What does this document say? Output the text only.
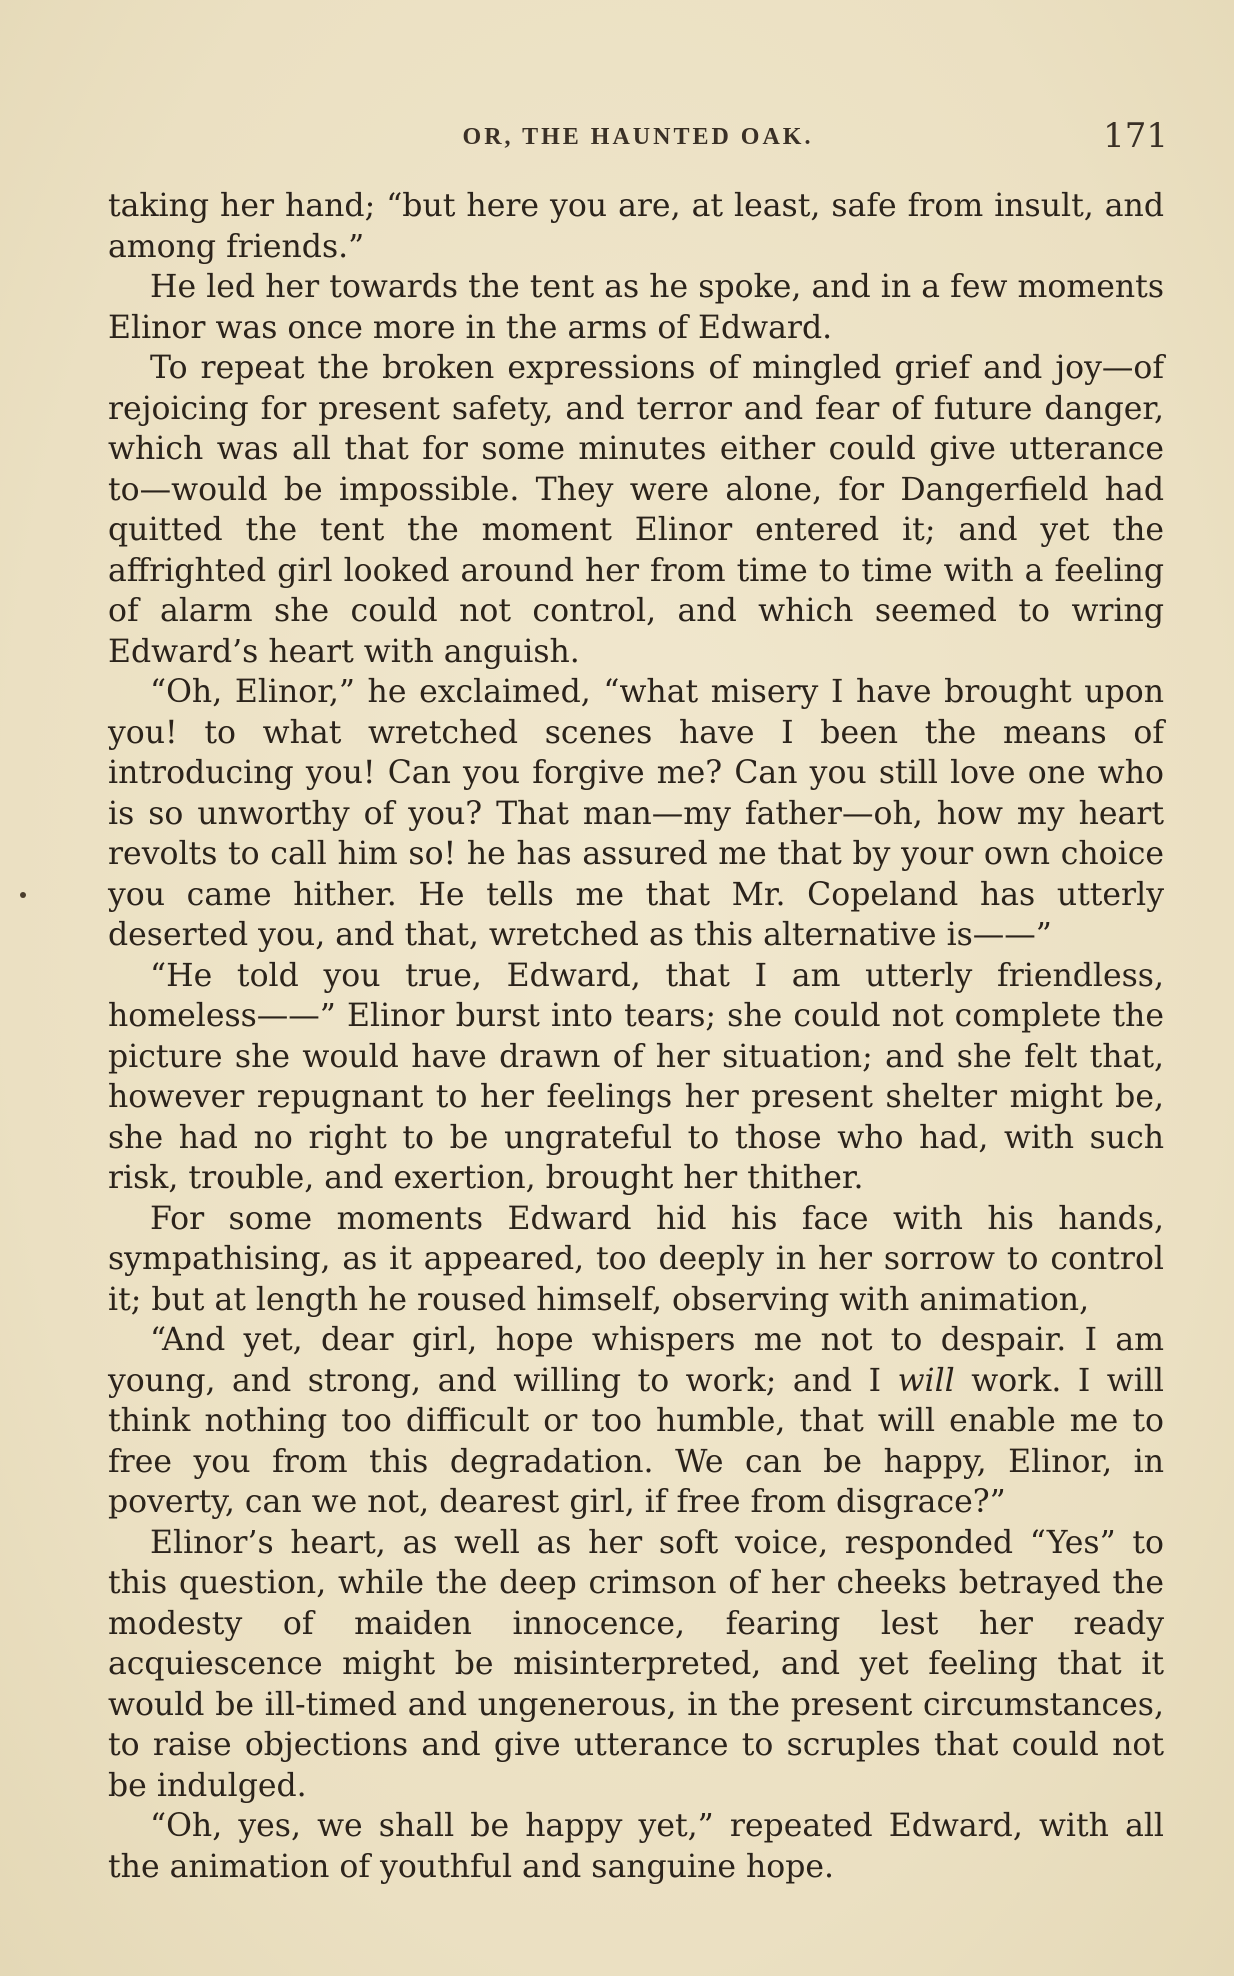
OR, THE HAUNTED OAK.	171

taking her hand; “but here you are, at least, safe from insult, and among friends.”

He led her towards the tent as he spoke, and in a few moments Elinor was once more in the arms of Edward.

To repeat the broken expressions of mingled grief and joy—of rejoicing for present safety, and terror and fear of future danger, which was all that for some minutes either could give utterance to—would be impossible. They were alone, for Dangerfield had quitted the tent the moment Elinor entered it; and yet the affrighted girl looked around her from time to time with a feeling of alarm she could not control, and which seemed to wring Edward’s heart with anguish.

“Oh, Elinor,” he exclaimed, “what misery I have brought upon you! to what wretched scenes have I been the means of introducing you! Can you forgive me? Can you still love one who is so unworthy of you? That man—my father—oh, how my heart revolts to call him so! he has assured me that by your own choice you came hither. He tells me that Mr. Copeland has utterly deserted you, and that, wretched as this alternative is——”

“He told you true, Edward, that I am utterly friendless, homeless——” Elinor burst into tears; she could not complete the picture she would have drawn of her situation; and she felt that, however repugnant to her feelings her present shelter might be, she had no right to be ungrateful to those who had, with such risk, trouble, and exertion, brought her thither.

For some moments Edward hid his face with his hands, sympathising, as it appeared, too deeply in her sorrow to control it; but at length he roused himself, observing with animation,

“And yet, dear girl, hope whispers me not to despair. I am young, and strong, and willing to work; and I will work. I will think nothing too difficult or too humble, that will enable me to free you from this degradation. We can be happy, Elinor, in poverty, can we not, dearest girl, if free from disgrace?”

Elinor’s heart, as well as her soft voice, responded “Yes” to this question, while the deep crimson of her cheeks betrayed the modesty of maiden innocence, fearing lest her ready acquiescence might be misinterpreted, and yet feeling that it would be ill-timed and ungenerous, in the present circumstances, to raise objections and give utterance to scruples that could not be indulged.

“Oh, yes, we shall be happy yet,” repeated Edward, with all the animation of youthful and sanguine hope.
